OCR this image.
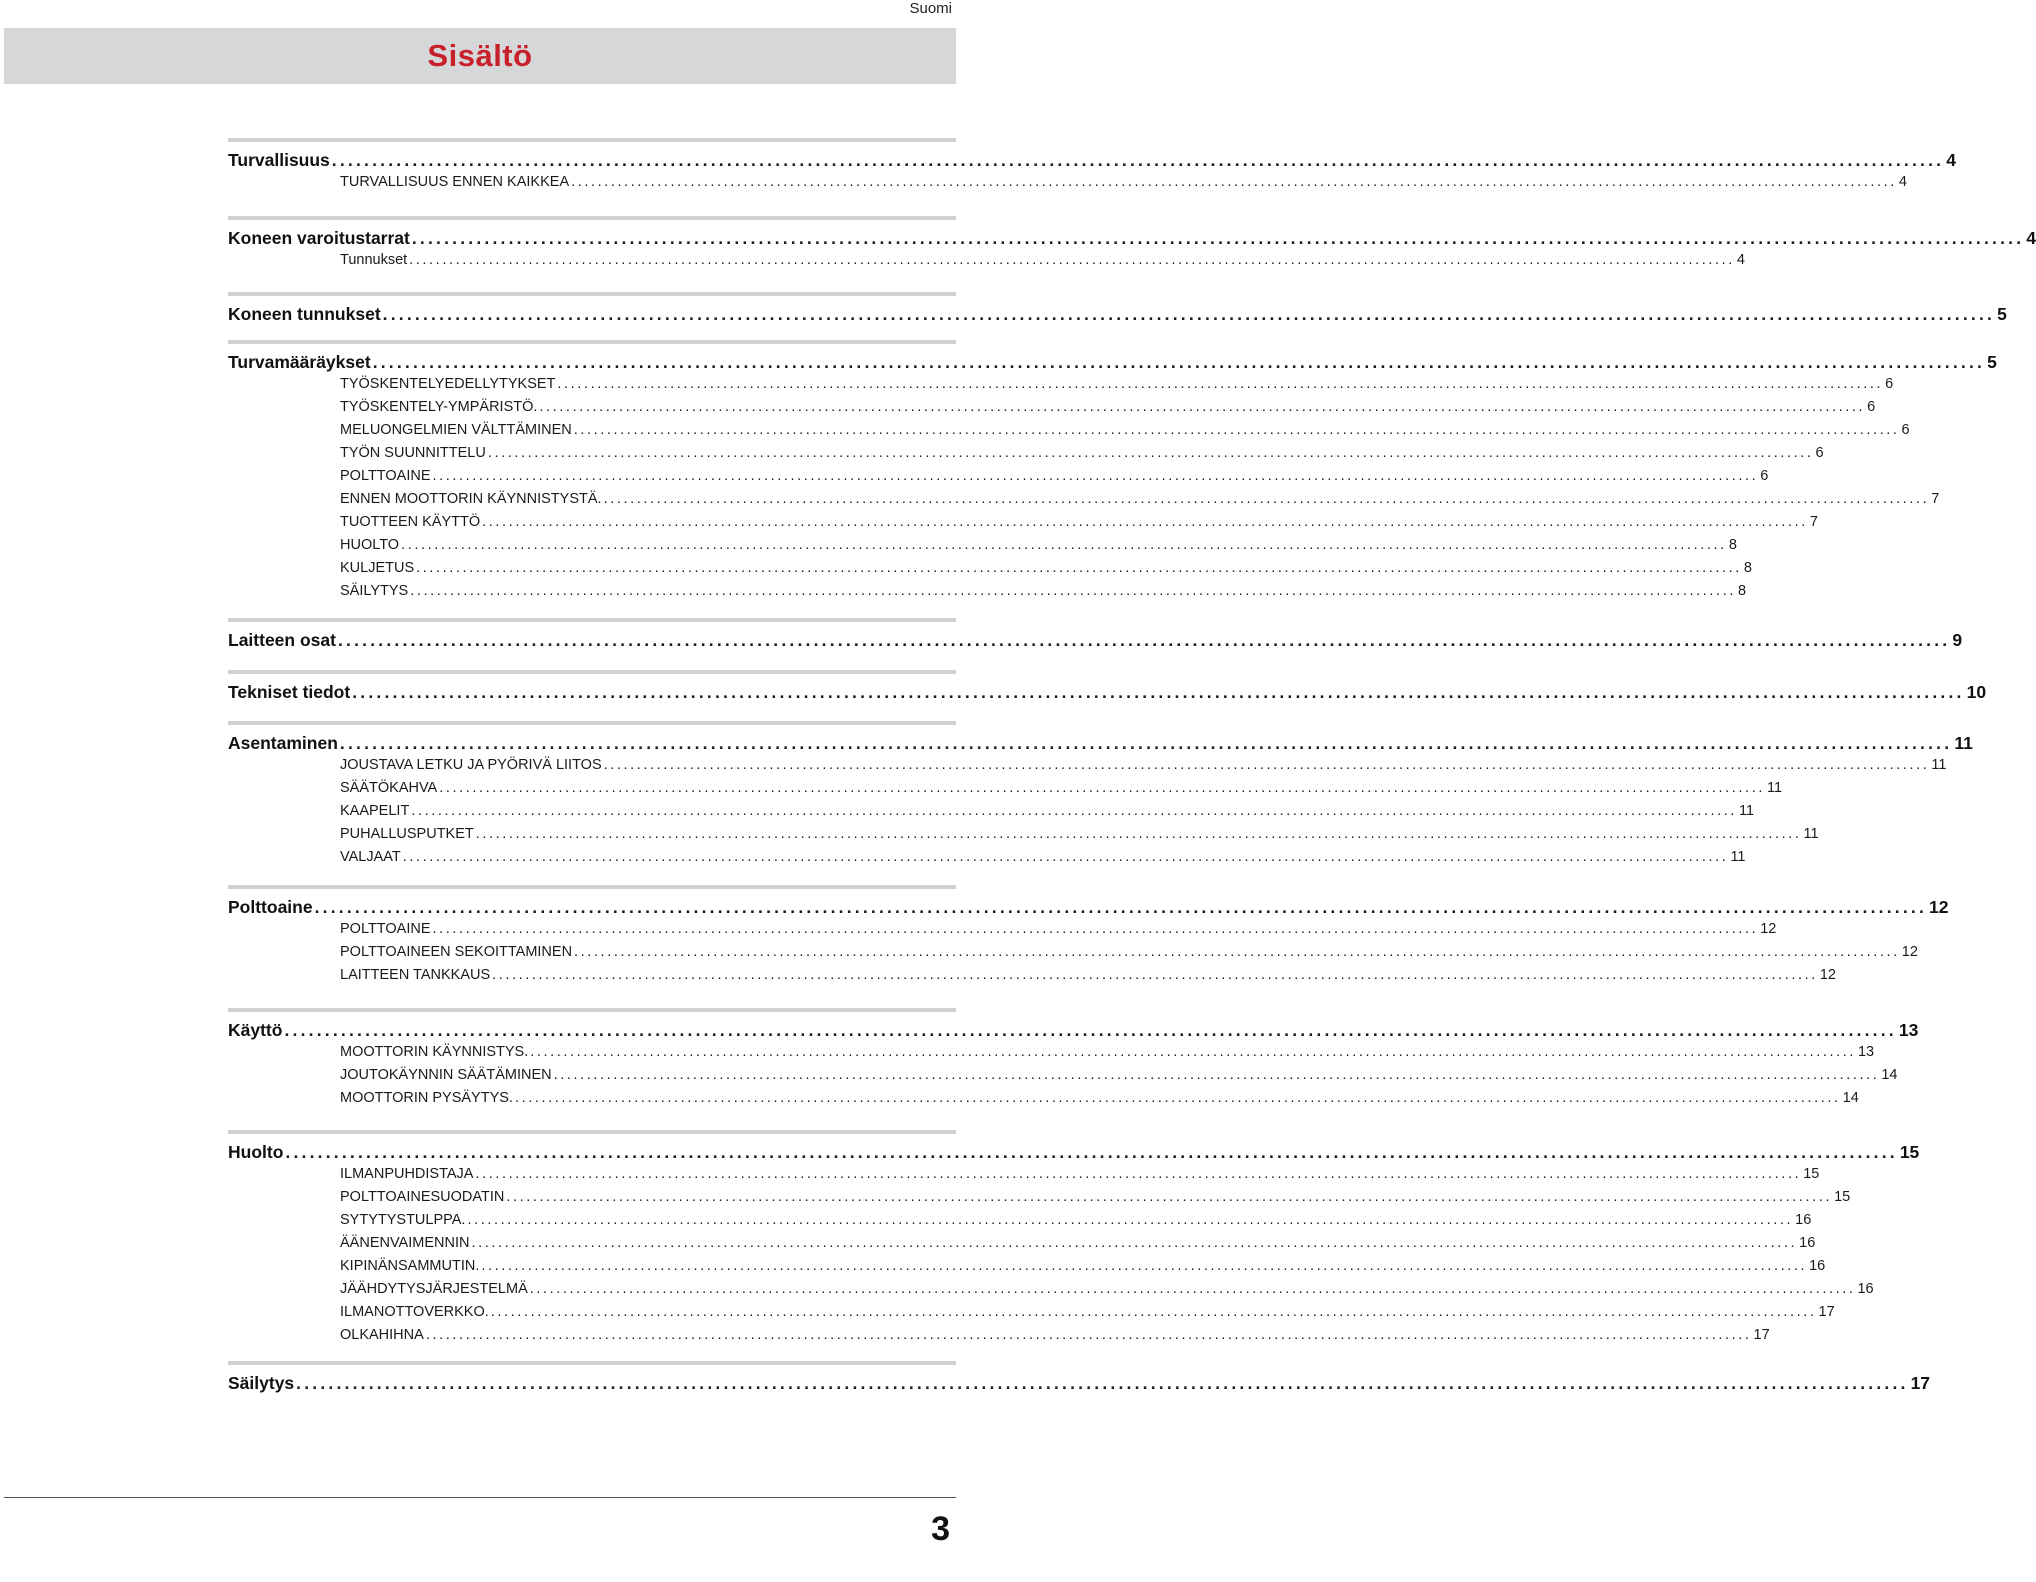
Suomi
Sisältö
Turvallisuus ........................................................................................................................................................................................................ 4
TURVALLISUUS ENNEN KAIKKEA ........................................................................................................................................................................................................ 4
Koneen varoitustarrat ........................................................................................................................................................................................................ 4
Tunnukset ........................................................................................................................................................................................................ 4
Koneen tunnukset ........................................................................................................................................................................................................ 5
Turvamääräykset ........................................................................................................................................................................................................ 5
TYÖSKENTELYEDELLYTYKSET ........................................................................................................................................................................................................ 6
TYÖSKENTELY-YMPÄRISTÖ. ........................................................................................................................................................................................................ 6
MELUONGELMIEN VÄLTTÄMINEN ........................................................................................................................................................................................................ 6
TYÖN SUUNNITTELU ........................................................................................................................................................................................................ 6
POLTTOAINE ........................................................................................................................................................................................................ 6
ENNEN MOOTTORIN KÄYNNISTYSTÄ. ........................................................................................................................................................................................................ 7
TUOTTEEN KÄYTTÖ ........................................................................................................................................................................................................ 7
HUOLTO ........................................................................................................................................................................................................ 8
KULJETUS ........................................................................................................................................................................................................ 8
SÄILYTYS ........................................................................................................................................................................................................ 8
Laitteen osat ........................................................................................................................................................................................................ 9
Tekniset tiedot ........................................................................................................................................................................................................ 10
Asentaminen ........................................................................................................................................................................................................ 11
JOUSTAVA LETKU JA PYÖRIVÄ LIITOS ........................................................................................................................................................................................................ 11
SÄÄTÖKAHVA ........................................................................................................................................................................................................ 11
KAAPELIT ........................................................................................................................................................................................................ 11
PUHALLUSPUTKET ........................................................................................................................................................................................................ 11
VALJAAT ........................................................................................................................................................................................................ 11
Polttoaine ........................................................................................................................................................................................................ 12
POLTTOAINE ........................................................................................................................................................................................................ 12
POLTTOAINEEN SEKOITTAMINEN ........................................................................................................................................................................................................ 12
LAITTEEN TANKKAUS ........................................................................................................................................................................................................ 12
Käyttö ........................................................................................................................................................................................................ 13
MOOTTORIN KÄYNNISTYS. ........................................................................................................................................................................................................ 13
JOUTOKÄYNNIN SÄÄTÄMINEN ........................................................................................................................................................................................................ 14
MOOTTORIN PYSÄYTYS. ........................................................................................................................................................................................................ 14
Huolto ........................................................................................................................................................................................................ 15
ILMANPUHDISTAJA ........................................................................................................................................................................................................ 15
POLTTOAINESUODATIN ........................................................................................................................................................................................................ 15
SYTYTYSTULPPA. ........................................................................................................................................................................................................ 16
ÄÄNENVAIMENNIN ........................................................................................................................................................................................................ 16
KIPINÄNSAMMUTIN. ........................................................................................................................................................................................................ 16
JÄÄHDYTYSJÄRJESTELMÄ ........................................................................................................................................................................................................ 16
ILMANOTTOVERKKO. ........................................................................................................................................................................................................ 17
OLKAHIHNA ........................................................................................................................................................................................................ 17
Säilytys ........................................................................................................................................................................................................ 17
3
